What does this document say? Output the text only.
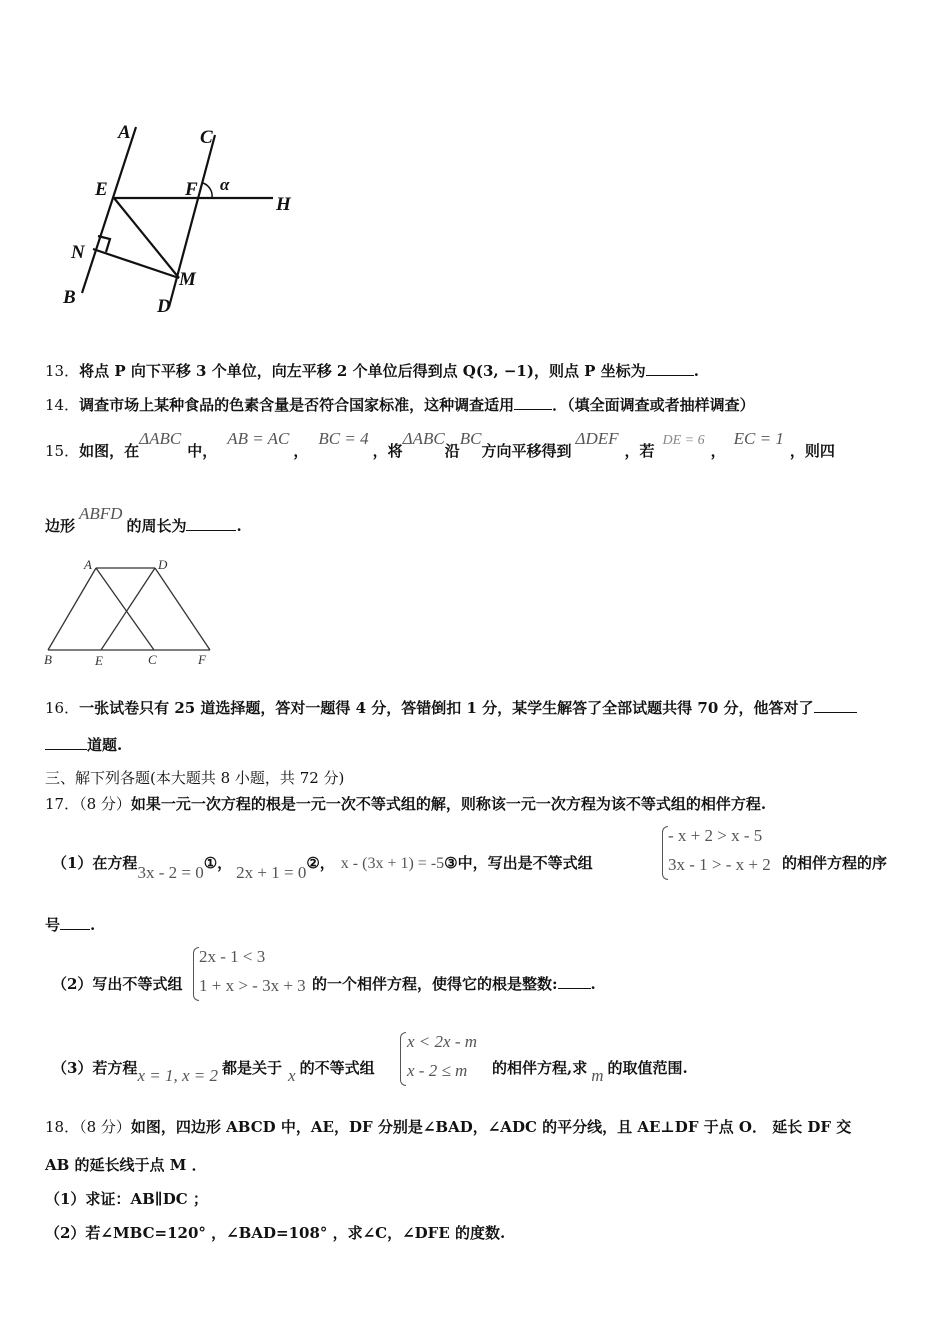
A	C
E	F α
H
N
M
B	D
13．将点 P 向下平移 3 个单位，向左平移 2 个单位后得到点 Q(3, −1)，则点 P 坐标为	.
14．调查市场上某种食品的色素含量是否符合国家标准，这种调查适用	．（填全面调查或者抽样调查）
15．如图，在ΔABC中，AB = AC，BC = 4，将ΔABC沿BC方向平移得到ΔDEF，若DE = 6，EC = 1，则四
边形ABFD的周长为	.
A	D
B	E	C	F
16．一张试卷只有 25 道选择题，答对一题得 4 分，答错倒扣 1 分，某学生解答了全部试题共得 70 分，他答对了
道题.
三、解下列各题(本大题共 8 小题，共 72 分)
17．（8 分）如果一元一次方程的根是一元一次不等式组的解，则称该一元一次方程为该不等式组的相伴方程.
（1）在方程3x - 2 = 0①， 2x + 1 = 0②， x - (3x + 1) = -5③中，写出是不等式组
- x + 2 > x - 5
3x - 1 > - x + 2 的相伴方程的序
号 .
（2）写出不等式组
2x - 1 < 3
1 + x > - 3x + 3 的一个相伴方程，使得它的根是整数: .
（3）若方程x = 1, x = 2 都是关于 x 的不等式组
x < 2x - m
x - 2 ≤ m 的相伴方程,求 m 的取值范围.
18．（8 分）如图，四边形 ABCD 中，AE，DF 分别是∠BAD，∠ADC 的平分线，且 AE⊥DF 于点 O． 延长 DF 交
AB 的延长线于点 M ．
（1）求证：AB∥DC ；
（2）若∠MBC=120° ，∠BAD=108° ，求∠C，∠DFE 的度数.
